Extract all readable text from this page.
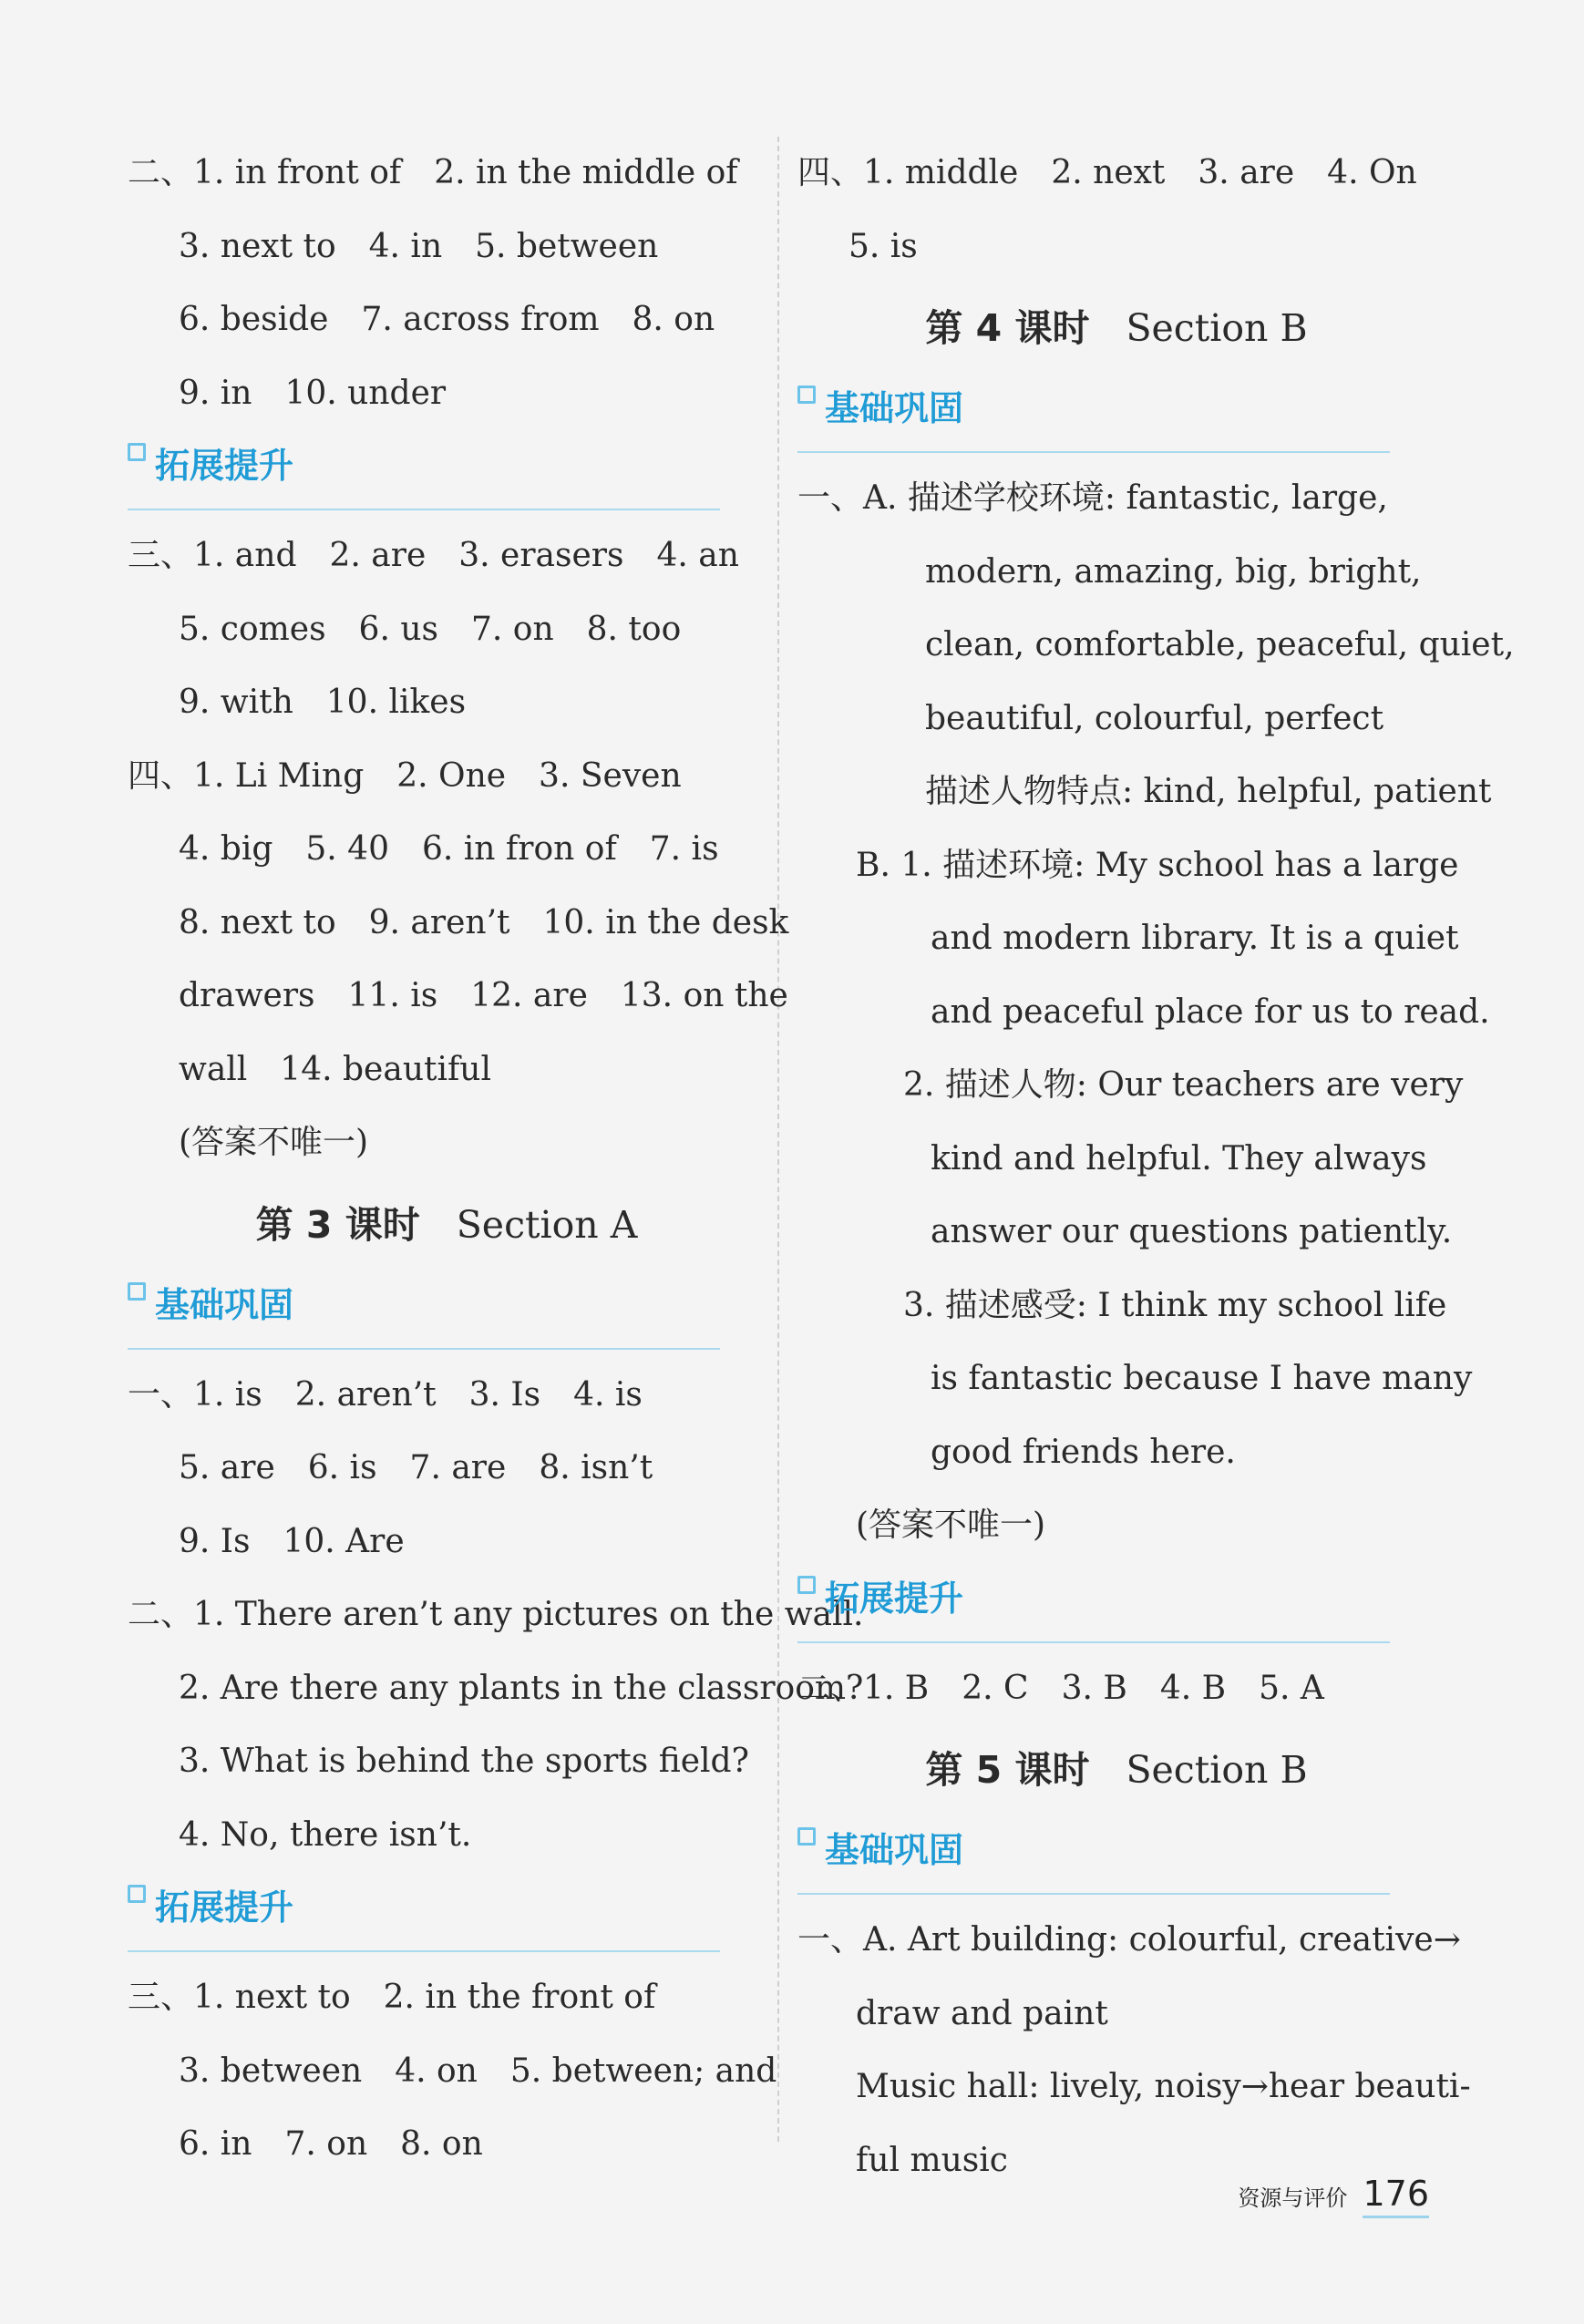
二、1. in front of　2. in the middle of
3. next to　4. in　5. between
6. beside　7. across from　8. on
9. in　10. under
拓展提升
三、1. and　2. are　3. erasers　4. an
5. comes　6. us　7. on　8. too
9. with　10. likes
四、1. Li Ming　2. One　3. Seven
4. big　5. 40　6. in fron of　7. is
8. next to　9. aren’t　10. in the desk
drawers　11. is　12. are　13. on the
wall　14. beautiful
(答案不唯一)
第 3 课时 Section A
基础巩固
一、1. is　2. aren’t　3. Is　4. is
5. are　6. is　7. are　8. isn’t
9. Is　10. Are
二、1. There aren’t any pictures on the wall.
2. Are there any plants in the classroom?
3. What is behind the sports field?
4. No, there isn’t.
拓展提升
三、1. next to　2. in the front of
3. between　4. on　5. between; and
6. in　7. on　8. on
四、1. middle　2. next　3. are　4. On
5. is
第 4 课时 Section B
基础巩固
一、A. 描述学校环境: fantastic, large,
modern, amazing, big, bright,
clean, comfortable, peaceful, quiet,
beautiful, colourful, perfect
描述人物特点: kind, helpful, patient
B. 1. 描述环境: My school has a large
and modern library. It is a quiet
and peaceful place for us to read.
2. 描述人物: Our teachers are very
kind and helpful. They always
answer our questions patiently.
3. 描述感受: I think my school life
is fantastic because I have many
good friends here.
(答案不唯一)
拓展提升
二、1. B　2. C　3. B　4. B　5. A
第 5 课时 Section B
基础巩固
一、A. Art building: colourful, creative→
draw and paint
Music hall: lively, noisy→hear beauti-
ful music
资源与评价 176
